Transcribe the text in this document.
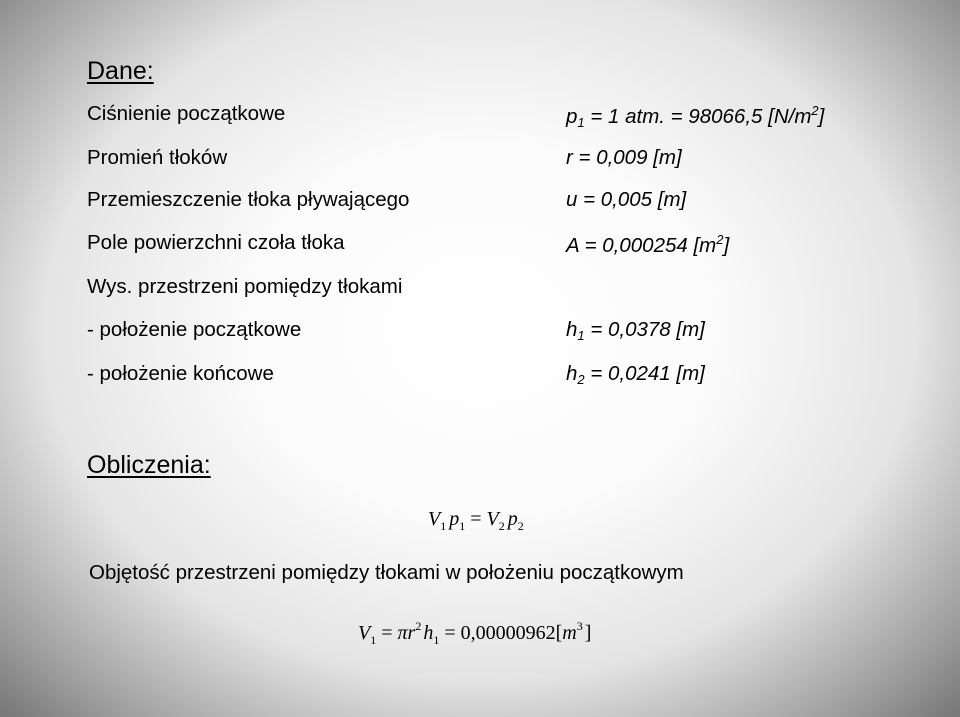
Dane:
Ciśnienie początkowe	$p_1 = 1$ atm. = 98066,5 $[N/m^2]$
Promień tłoków	r = 0,009 [m]
Przemieszczenie tłoka pływającego	u = 0,005 [m]
Pole powierzchni czoła tłoka	A = 0,000254 $[m^2]$
Wys. przestrzeni pomiędzy tłokami
- położenie początkowe	$h_1 = 0,0378$ [m]
- położenie końcowe	$h_2 = 0,0241$ [m]
Obliczenia:
$V_1$ $p_1 = V_2$ $p_2$
Objętość przestrzeni pomiędzy tłokami w położeniu początkowym
$V_1 = \pi r^2$ $h_1 = 0,00000962[m^3$ ]
